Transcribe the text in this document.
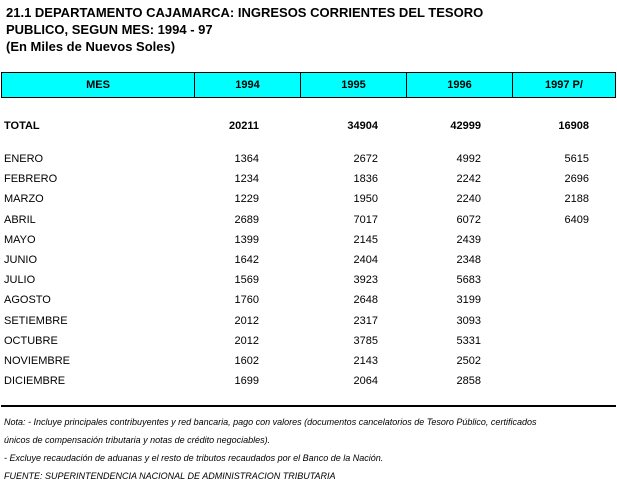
21.1 DEPARTAMENTO CAJAMARCA: INGRESOS CORRIENTES DEL TESORO
PUBLICO, SEGUN MES: 1994 - 97
(En Miles de Nuevos Soles)
MES	1994	1995	1996	1997 P/
TOTAL	20211	34904	42999	16908
ENERO	1364	2672	4992	5615
FEBRERO	1234	1836	2242	2696
MARZO	1229	1950	2240	2188
ABRIL	2689	7017	6072	6409
MAYO	1399	2145	2439
JUNIO	1642	2404	2348
JULIO	1569	3923	5683
AGOSTO	1760	2648	3199
SETIEMBRE	2012	2317	3093
OCTUBRE	2012	3785	5331
NOVIEMBRE	1602	2143	2502
DICIEMBRE	1699	2064	2858
Nota: - Incluye principales contribuyentes y red bancaria, pago con valores (documentos cancelatorios de Tesoro Público, certificados
únicos de compensación tributaria y notas de crédito negociables).
- Excluye recaudación de aduanas y el resto de tributos recaudados por el Banco de la Nación.
FUENTE: SUPERINTENDENCIA NACIONAL DE ADMINISTRACION TRIBUTARIA
